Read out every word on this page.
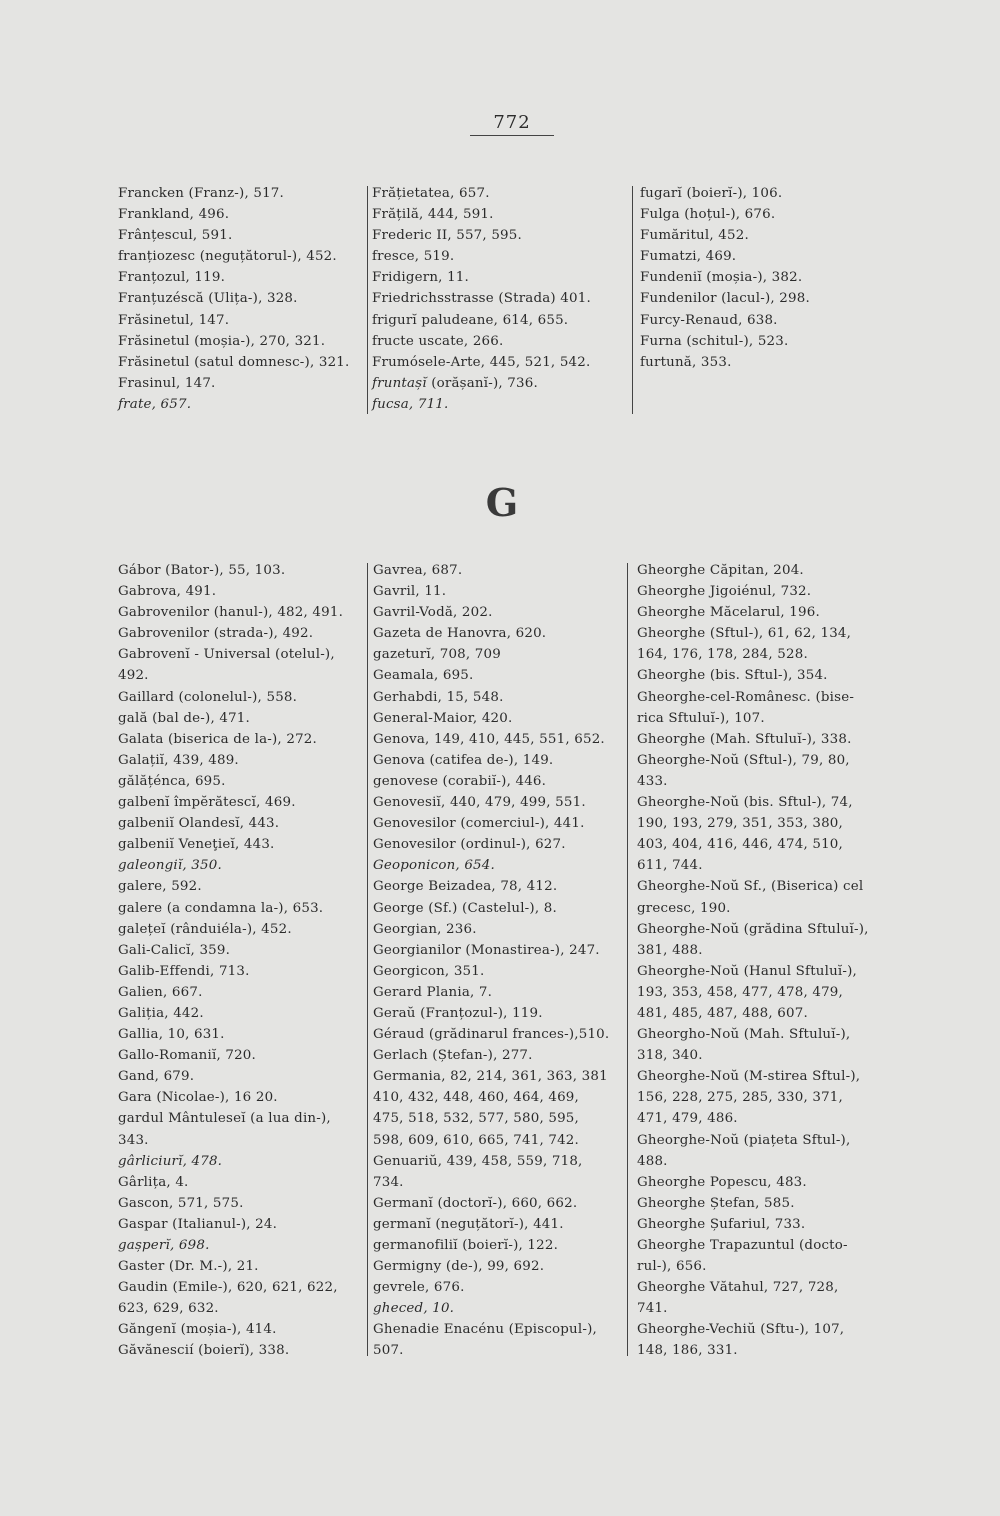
772
Francken (Franz-), 517.
Frankland, 496.
Frânțescul, 591.
franțiozesc (neguțătorul-), 452.
Franțozul, 119.
Franțuzéscă (Ulița-), 328.
Frăsinetul, 147.
Frăsinetul (moșia-), 270, 321.
Frăsinetul (satul domnesc-), 321.
Frasinul, 147.
frate, 657.
Frățietatea, 657.
Frățilă, 444, 591.
Frederic II, 557, 595.
fresce, 519.
Fridigern, 11.
Friedrichsstrasse (Strada) 401.
frigurĭ paludeane, 614, 655.
fructe uscate, 266.
Frumósele-Arte, 445, 521, 542.
fruntașĭ (orășanĭ-), 736.
fucsa, 711.
fugarĭ (boierĭ-), 106.
Fulga (hoțul-), 676.
Fumăritul, 452.
Fumatzi, 469.
Fundeniĭ (moșia-), 382.
Fundenilor (lacul-), 298.
Furcy-Renaud, 638.
Furna (schitul-), 523.
furtună, 353.
G
Gábor (Bator-), 55, 103.
Gabrova, 491.
Gabrovenilor (hanul-), 482, 491.
Gabrovenilor (strada-), 492.
Gabrovenĭ - Universal (otelul-),
492.
Gaillard (colonelul-), 558.
gală (bal de-), 471.
Galata (biserica de la-), 272.
Galațiĭ, 439, 489.
gălățénca, 695.
galbenĭ împĕrătescĭ, 469.
galbeniĭ Olandesĭ, 443.
galbeniĭ Veneţieĭ, 443.
galeongiĭ, 350.
galere, 592.
galere (a condamna la-), 653.
galețeĭ (rânduiéla-), 452.
Gali-Calicĭ, 359.
Galib-Effendi, 713.
Galien, 667.
Galiția, 442.
Gallia, 10, 631.
Gallo-Romaniĭ, 720.
Gand, 679.
Gara (Nicolae-), 16 20.
gardul Mântuleseĭ (a lua din-),
343.
gârliciurĭ, 478.
Gârlița, 4.
Gascon, 571, 575.
Gaspar (Italianul-), 24.
gașperĭ, 698.
Gaster (Dr. M.-), 21.
Gaudin (Emile-), 620, 621, 622,
623, 629, 632.
Găngenĭ (moșia-), 414.
Găvănescií (boierĭ), 338.
Gavrea, 687.
Gavril, 11.
Gavril-Vodă, 202.
Gazeta de Hanovra, 620.
gazeturĭ, 708, 709
Geamala, 695.
Gerhabdi, 15, 548.
General-Maior, 420.
Genova, 149, 410, 445, 551, 652.
Genova (catifea de-), 149.
genovese (corabiĭ-), 446.
Genovesiĭ, 440, 479, 499, 551.
Genovesilor (comerciul-), 441.
Genovesilor (ordinul-), 627.
Geoponicon, 654.
George Beizadea, 78, 412.
George (Sf.) (Castelul-), 8.
Georgian, 236.
Georgianilor (Monastirea-), 247.
Georgicon, 351.
Gerard Plania, 7.
Geraŭ (Franțozul-), 119.
Géraud (grădinarul frances-),510.
Gerlach (Ștefan-), 277.
Germania, 82, 214, 361, 363, 381
410, 432, 448, 460, 464, 469,
475, 518, 532, 577, 580, 595,
598, 609, 610, 665, 741, 742.
Genuariŭ, 439, 458, 559, 718,
734.
Germanĭ (doctorĭ-), 660, 662.
germanĭ (neguțătorĭ-), 441.
germanofiliĭ (boierĭ-), 122.
Germigny (de-), 99, 692.
gevrele, 676.
gheced, 10.
Ghenadie Enacénu (Episcopul-),
507.
Gheorghe Căpitan, 204.
Gheorghe Jigoiénul, 732.
Gheorghe Măcelarul, 196.
Gheorghe (Sftul-), 61, 62, 134,
164, 176, 178, 284, 528.
Gheorghe (bis. Sftul-), 354.
Gheorghe-cel-Românesc. (bise-
rica Sftuluĭ-), 107.
Gheorghe (Mah. Sftuluĭ-), 338.
Gheorghe-Noŭ (Sftul-), 79, 80,
433.
Gheorghe-Noŭ (bis. Sftul-), 74,
190, 193, 279, 351, 353, 380,
403, 404, 416, 446, 474, 510,
611, 744.
Gheorghe-Noŭ Sf., (Biserica) cel
grecesc, 190.
Gheorghe-Noŭ (grădina Sftuluĭ-),
381, 488.
Gheorghe-Noŭ (Hanul Sftuluĭ-),
193, 353, 458, 477, 478, 479,
481, 485, 487, 488, 607.
Gheorgho-Noŭ (Mah. Sftuluĭ-),
318, 340.
Gheorghe-Noŭ (M-stirea Sftul-),
156, 228, 275, 285, 330, 371,
471, 479, 486.
Gheorghe-Noŭ (piațeta Sftul-),
488.
Gheorghe Popescu, 483.
Gheorghe Ștefan, 585.
Gheorghe Șufariul, 733.
Gheorghe Trapazuntul (docto-
rul-), 656.
Gheorghe Vătahul, 727, 728,
741.
Gheorghe-Vechiŭ (Sftu-), 107,
148, 186, 331.
